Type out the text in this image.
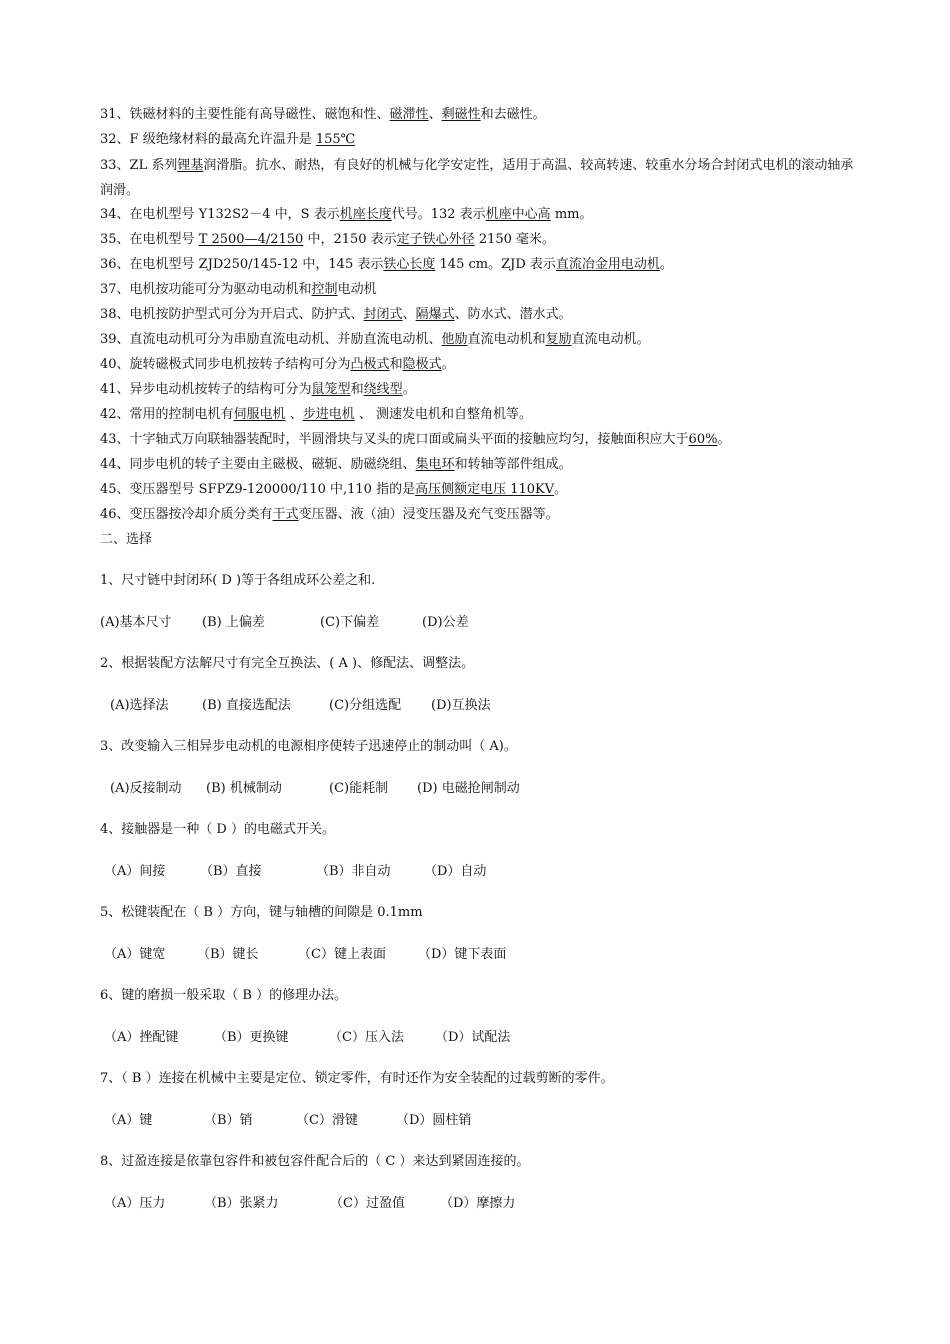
31、铁磁材料的主要性能有高导磁性、磁饱和性、磁滞性、剩磁性和去磁性。
32、F 级绝缘材料的最高允许温升是 155℃
33、ZL 系列锂基润滑脂。抗水、耐热，有良好的机械与化学安定性，适用于高温、较高转速、较重水分场合封闭式电机的滚动轴承润滑。
34、在电机型号 Y132S2－4 中，S 表示机座长度代号。132 表示机座中心高 mm。
35、在电机型号 T 2500—4/2150 中，2150 表示定子铁心外径 2150 毫米。
36、在电机型号 ZJD250/145-12 中，145 表示铁心长度 145 cm。ZJD 表示直流冶金用电动机。
37、电机按功能可分为驱动电动机和控制电动机
38、电机按防护型式可分为开启式、防护式、封闭式、隔爆式、防水式、潜水式。
39、直流电动机可分为串励直流电动机、并励直流电动机、他励直流电动机和复励直流电动机。
40、旋转磁极式同步电机按转子结构可分为凸极式和隐极式。
41、异步电动机按转子的结构可分为鼠笼型和绕线型。
42、常用的控制电机有伺服电机 、步进电机 、 测速发电机和自整角机等。
43、十字轴式万向联轴器装配时，半圆滑块与叉头的虎口面或扁头平面的接触应均匀，接触面积应大于60%。
44、同步电机的转子主要由主磁极、磁轭、励磁绕组、集电环和转轴等部件组成。
45、变压器型号 SFPZ9-120000/110 中,110 指的是高压侧额定电压 110KV。
46、变压器按冷却介质分类有干式变压器、液（油）浸变压器及充气变压器等。
二、选择
1、尺寸链中封闭环( D )等于各组成环公差之和.
(A)基本尺寸 (B) 上偏差	(C)下偏差	(D)公差
2、根据装配方法解尺寸有完全互换法、( A )、修配法、调整法。
(A)选择法	(B) 直接选配法	(C)分组选配 (D)互换法
3、改变输入三相异步电动机的电源相序使转子迅速停止的制动叫（ A)。
(A)反接制动 (B) 机械制动	(C)能耗制 (D) 电磁抢闸制动
4、接触器是一种（ D ）的电磁式开关。
（A）间接	（B）直接	（B）非自动	（D）自动
5、松键装配在（ B ）方向，键与轴槽的间隙是 0.1mm
（A）键宽 （B）键长	（C）键上表面 （D）键下表面
6、键的磨损一般采取（ B ）的修理办法。
（A）挫配键	（B）更换键	（C）压入法 （D）试配法
7、（ B ）连接在机械中主要是定位、锁定零件，有时还作为安全装配的过载剪断的零件。
（A）键	（B）销	（C）滑键	（D）圆柱销
8、过盈连接是依靠包容件和被包容件配合后的（ C ）来达到紧固连接的。
（A）压力	（B）张紧力	（C）过盈值	（D）摩擦力
